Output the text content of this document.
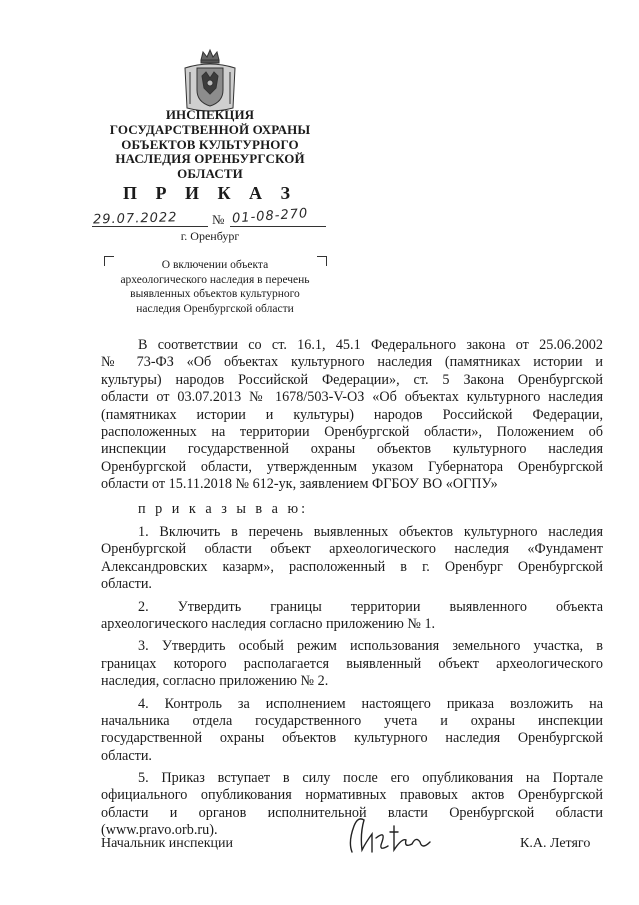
ИНСПЕКЦИЯ
ГОСУДАРСТВЕННОЙ ОХРАНЫ
ОБЪЕКТОВ КУЛЬТУРНОГО
НАСЛЕДИЯ ОРЕНБУРГСКОЙ
ОБЛАСТИ
П Р И К А З
29.07.2022	№ 01-08-270
г. Оренбург
О включении объекта
археологического наследия в перечень
выявленных объектов культурного
наследия Оренбургской области
В соответствии со ст. 16.1, 45.1 Федерального закона от 25.06.2002
№ 73-ФЗ «Об объектах культурного наследия (памятниках истории и
культуры) народов Российской Федерации», ст. 5 Закона Оренбургской
области от 03.07.2013 № 1678/503-V-ОЗ «Об объектах культурного наследия
(памятниках истории и культуры) народов Российской Федерации,
расположенных на территории Оренбургской области», Положением об
инспекции государственной охраны объектов культурного наследия
Оренбургской области, утвержденным указом Губернатора Оренбургской
области от 15.11.2018 № 612-ук, заявлением ФГБОУ ВО «ОГПУ»
п р и к а з ы в а ю:
1. Включить в перечень выявленных объектов культурного наследия
Оренбургской области объект археологического наследия «Фундамент
Александровских казарм», расположенный в г. Оренбург Оренбургской
области.
2. Утвердить границы территории выявленного объекта
археологического наследия согласно приложению № 1.
3. Утвердить особый режим использования земельного участка, в
границах которого располагается выявленный объект археологического
наследия, согласно приложению № 2.
4. Контроль за исполнением настоящего приказа возложить на
начальника отдела государственного учета и охраны инспекции
государственной охраны объектов культурного наследия Оренбургской
области.
5. Приказ вступает в силу после его опубликования на Портале
официального опубликования нормативных правовых актов Оренбургской
области и органов исполнительной власти Оренбургской области
(www.pravo.orb.ru).
Начальник инспекции	К.А. Летяго
